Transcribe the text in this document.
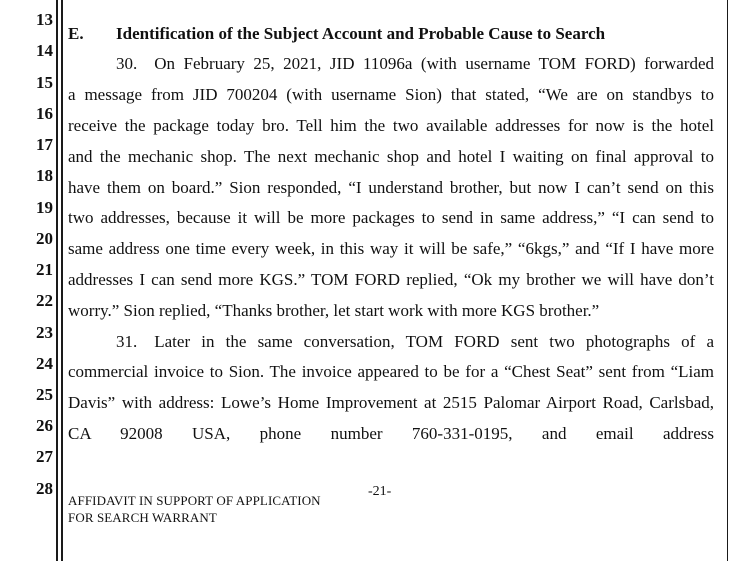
13
14
15
16
17
18
19
20
21
22
23
24
25
26
27
28
E. Identification of the Subject Account and Probable Cause to Search
30. On February 25, 2021, JID 11096a (with username TOM FORD) forwarded
a message from JID 700204 (with username Sion) that stated, “We are on standbys to
receive the package today bro. Tell him the two available addresses for now is the hotel
and the mechanic shop. The next mechanic shop and hotel I waiting on final approval to
have them on board.” Sion responded, “I understand brother, but now I can’t send on this
two addresses, because it will be more packages to send in same address,” “I can send to
same address one time every week, in this way it will be safe,” “6kgs,” and “If I have more
addresses I can send more KGS.” TOM FORD replied, “Ok my brother we will have don’t
worry.” Sion replied, “Thanks brother, let start work with more KGS brother.”
31. Later in the same conversation, TOM FORD sent two photographs of a
commercial invoice to Sion. The invoice appeared to be for a “Chest Seat” sent from “Liam
Davis” with address: Lowe’s Home Improvement at 2515 Palomar Airport Road, Carlsbad,
CA 92008 USA, phone number 760-331-0195, and email address
-21-
AFFIDAVIT IN SUPPORT OF APPLICATION
FOR SEARCH WARRANT
